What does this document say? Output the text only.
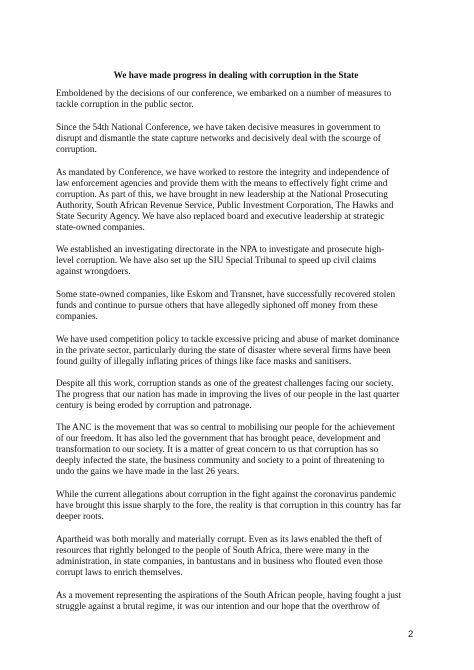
We have made progress in dealing with corruption in the State

Emboldened by the decisions of our conference, we embarked on a number of measures to
tackle corruption in the public sector.

Since the 54th National Conference, we have taken decisive measures in government to
disrupt and dismantle the state capture networks and decisively deal with the scourge of
corruption.

As mandated by Conference, we have worked to restore the integrity and independence of
law enforcement agencies and provide them with the means to effectively fight crime and
corruption. As part of this, we have brought in new leadership at the National Prosecuting
Authority, South African Revenue Service, Public Investment Corporation, The Hawks and
State Security Agency. We have also replaced board and executive leadership at strategic
state-owned companies.

We established an investigating directorate in the NPA to investigate and prosecute high-
level corruption. We have also set up the SIU Special Tribunal to speed up civil claims
against wrongdoers.

Some state-owned companies, like Eskom and Transnet, have successfully recovered stolen
funds and continue to pursue others that have allegedly siphoned off money from these
companies.

We have used competition policy to tackle excessive pricing and abuse of market dominance
in the private sector, particularly during the state of disaster where several firms have been
found guilty of illegally inflating prices of things like face masks and sanitisers.

Despite all this work, corruption stands as one of the greatest challenges facing our society.
The progress that our nation has made in improving the lives of our people in the last quarter
century is being eroded by corruption and patronage.

The ANC is the movement that was so central to mobilising our people for the achievement
of our freedom. It has also led the government that has brought peace, development and
transformation to our society. It is a matter of great concern to us that corruption has so
deeply infected the state, the business community and society to a point of threatening to
undo the gains we have made in the last 26 years.

While the current allegations about corruption in the fight against the coronavirus pandemic
have brought this issue sharply to the fore, the reality is that corruption in this country has far
deeper roots.

Apartheid was both morally and materially corrupt. Even as its laws enabled the theft of
resources that rightly belonged to the people of South Africa, there were many in the
administration, in state companies, in bantustans and in business who flouted even those
corrupt laws to enrich themselves.

As a movement representing the aspirations of the South African people, having fought a just
struggle against a brutal regime, it was our intention and our hope that the overthrow of

2
